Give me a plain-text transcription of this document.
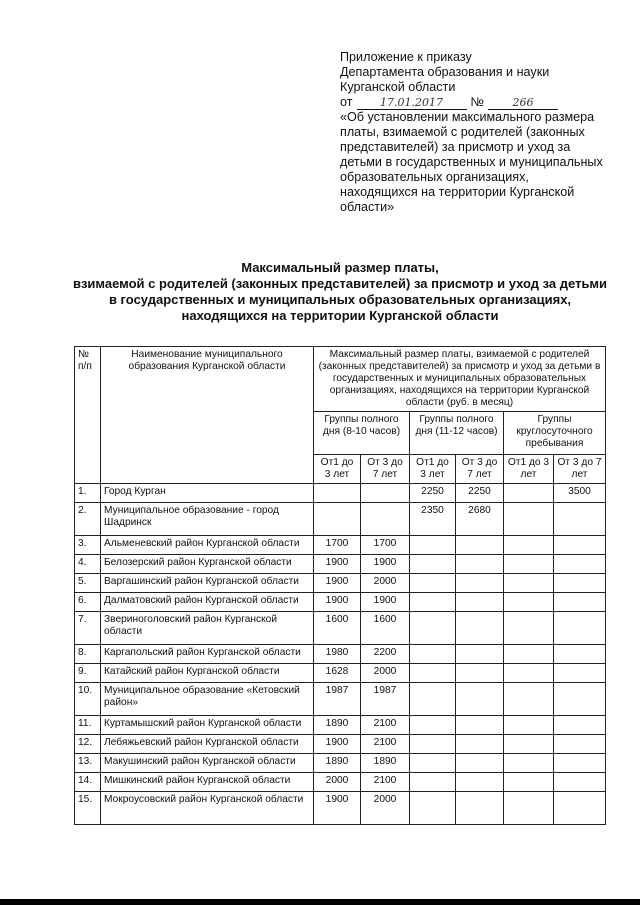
Приложение к приказу
Департамента образования и науки
Курганской области
от	17.01.2017	№	266
«Об установлении максимального размера платы, взимаемой с родителей (законных представителей) за присмотр и уход за детьми в государственных и муниципальных образовательных организациях, находящихся на территории Курганской области»
Максимальный размер платы,
взимаемой с родителей (законных представителей) за присмотр и уход за детьми
в государственных и муниципальных образовательных организациях,
находящихся на территории Курганской области
№ п/п	Наименование муниципального образования Курганской области	Максимальный размер платы, взимаемой с родителей (законных представителей) за присмотр и уход за детьми в государственных и муниципальных образовательных организациях, находящихся на территории Курганской области (руб. в месяц)					
		Группы полного дня (8-10 часов)		Группы полного дня (11-12 часов)		Группы круглосуточного пребывания	
		От1 до 3 лет	От 3 до 7 лет	От1 до 3 лет	От 3 до 7 лет	От1 до 3 лет	От 3 до 7 лет
1.	Город Курган			2250	2250		3500
2.	Муниципальное образование - город Шадринск			2350	2680		
3.	Альменевский район Курганской области	1700	1700				
4.	Белозерский район Курганской области	1900	1900				
5.	Варгашинский район Курганской области	1900	2000				
6.	Далматовский район Курганской области	1900	1900				
7.	Звериноголовский район Курганской области	1600	1600				
8.	Каргапольский район Курганской области	1980	2200				
9.	Катайский район Курганской области	1628	2000				
10.	Муниципальное образование «Кетовский район»	1987	1987				
11.	Куртамышский район Курганской области	1890	2100				
12.	Лебяжьевский район Курганской области	1900	2100				
13.	Макушинский район Курганской области	1890	1890				
14.	Мишкинский район Курганской области	2000	2100				
15.	Мокроусовский район Курганской области	1900	2000				
